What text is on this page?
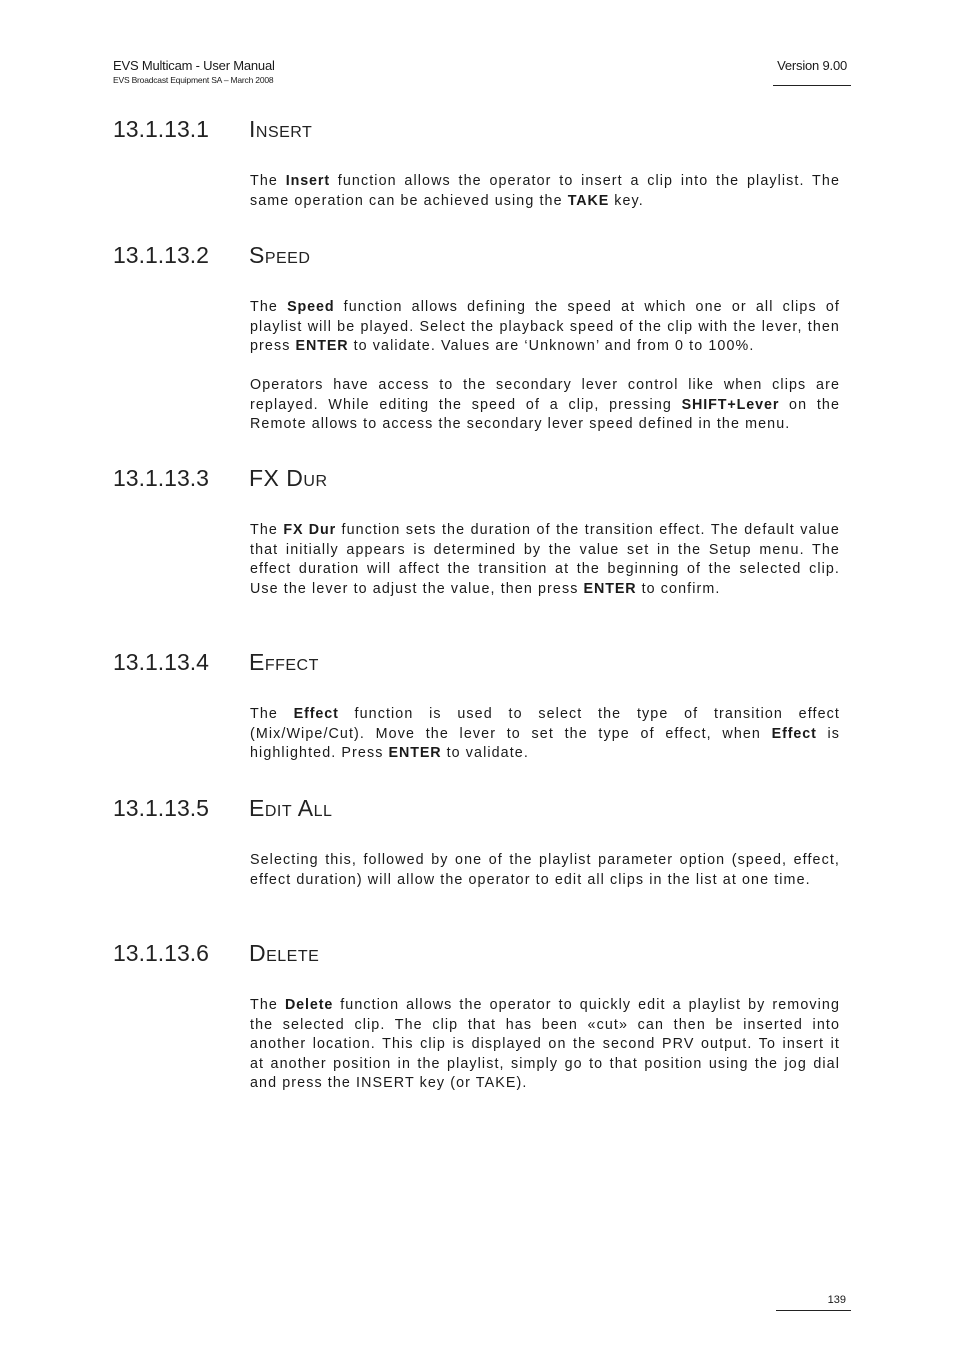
EVS Multicam - User Manual
EVS Broadcast Equipment SA – March 2008
Version 9.00
13.1.13.1 Insert

The Insert function allows the operator to insert a clip into the playlist. The same operation can be achieved using the TAKE key.

13.1.13.2 Speed

The Speed function allows defining the speed at which one or all clips of playlist will be played. Select the playback speed of the clip with the lever, then press ENTER to validate. Values are ‘Unknown’ and from 0 to 100%.

Operators have access to the secondary lever control like when clips are replayed. While editing the speed of a clip, pressing SHIFT+Lever on the Remote allows to access the secondary lever speed defined in the menu.

13.1.13.3 FX Dur

The FX Dur function sets the duration of the transition effect. The default value that initially appears is determined by the value set in the Setup menu. The effect duration will affect the transition at the beginning of the selected clip. Use the lever to adjust the value, then press ENTER to confirm.

13.1.13.4 Effect

The Effect function is used to select the type of transition effect (Mix/Wipe/Cut). Move the lever to set the type of effect, when Effect is highlighted. Press ENTER to validate.

13.1.13.5 Edit All

Selecting this, followed by one of the playlist parameter option (speed, effect, effect duration) will allow the operator to edit all clips in the list at one time.

13.1.13.6 Delete

The Delete function allows the operator to quickly edit a playlist by removing the selected clip. The clip that has been «cut» can then be inserted into another location. This clip is displayed on the second PRV output. To insert it at another position in the playlist, simply go to that position using the jog dial and press the INSERT key (or TAKE).

139
